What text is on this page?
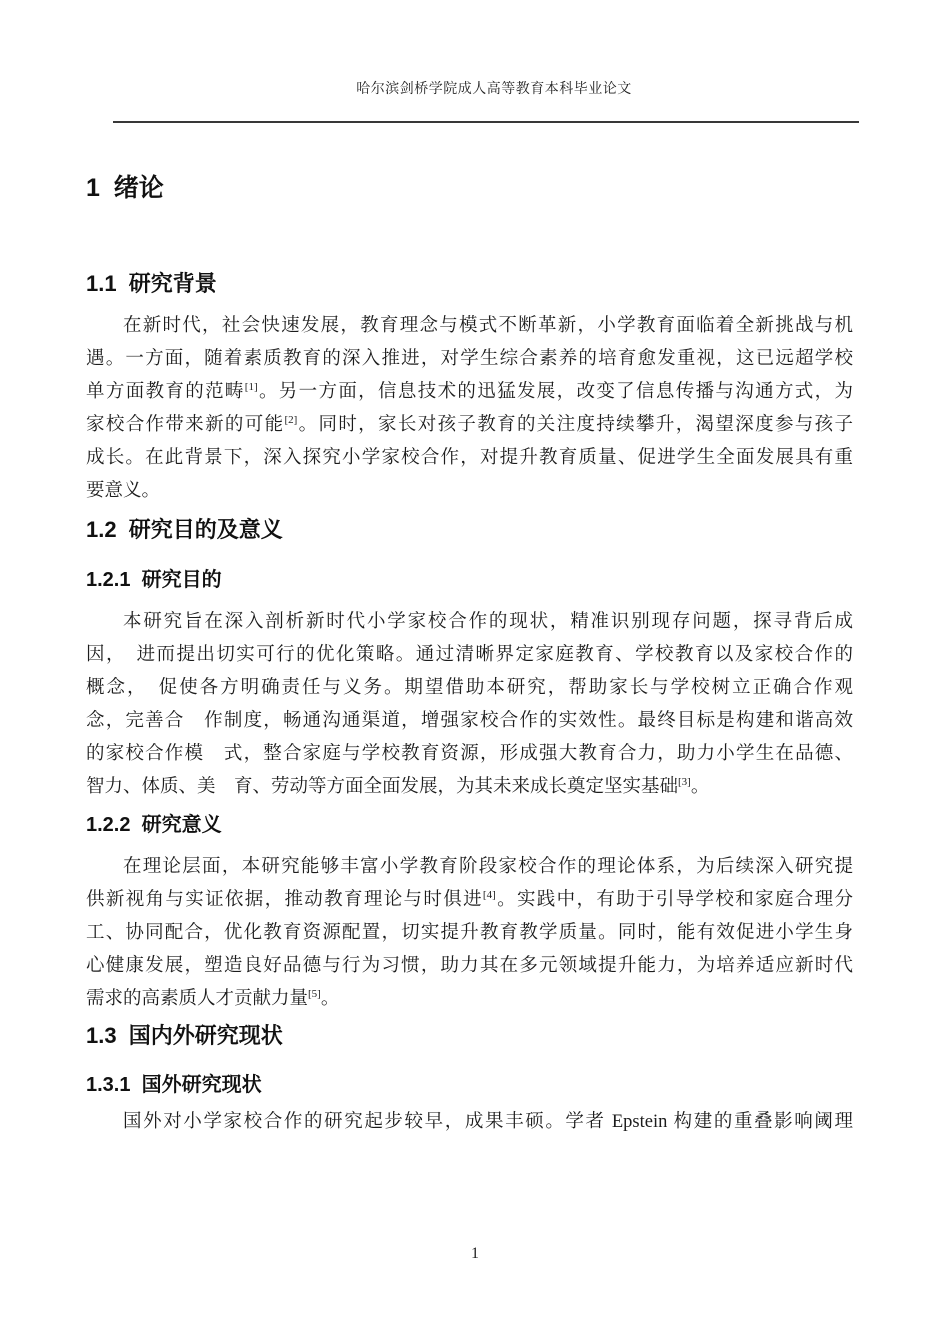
哈尔滨剑桥学院成人高等教育本科毕业论文

1  绪论
1.1  研究背景
在新时代，社会快速发展，教育理念与模式不断革新，小学教育面临着全新挑战与机
遇。一方面，随着素质教育的深入推进，对学生综合素养的培育愈发重视，这已远超学校
单方面教育的范畴[1]。另一方面，信息技术的迅猛发展，改变了信息传播与沟通方式，为
家校合作带来新的可能[2]。同时，家长对孩子教育的关注度持续攀升，渴望深度参与孩子
成长。在此背景下，深入探究小学家校合作，对提升教育质量、促进学生全面发展具有重
要意义。
1.2  研究目的及意义
1.2.1  研究目的
本研究旨在深入剖析新时代小学家校合作的现状，精准识别现存问题，探寻背后成
因，　进而提出切实可行的优化策略。通过清晰界定家庭教育、学校教育以及家校合作的
概念，　促使各方明确责任与义务。期望借助本研究，帮助家长与学校树立正确合作观
念，完善合　作制度，畅通沟通渠道，增强家校合作的实效性。最终目标是构建和谐高效
的家校合作模　式，整合家庭与学校教育资源，形成强大教育合力，助力小学生在品德、
智力、体质、美　育、劳动等方面全面发展，为其未来成长奠定坚实基础[3]。
1.2.2  研究意义
在理论层面，本研究能够丰富小学教育阶段家校合作的理论体系，为后续深入研究提
供新视角与实证依据，推动教育理论与时俱进[4]。实践中，有助于引导学校和家庭合理分
工、协同配合，优化教育资源配置，切实提升教育教学质量。同时，能有效促进小学生身
心健康发展，塑造良好品德与行为习惯，助力其在多元领域提升能力，为培养适应新时代
需求的高素质人才贡献力量[5]。
1.3  国内外研究现状
1.3.1  国外研究现状
国外对小学家校合作的研究起步较早，成果丰硕。学者 Epstein 构建的重叠影响阈理
1
